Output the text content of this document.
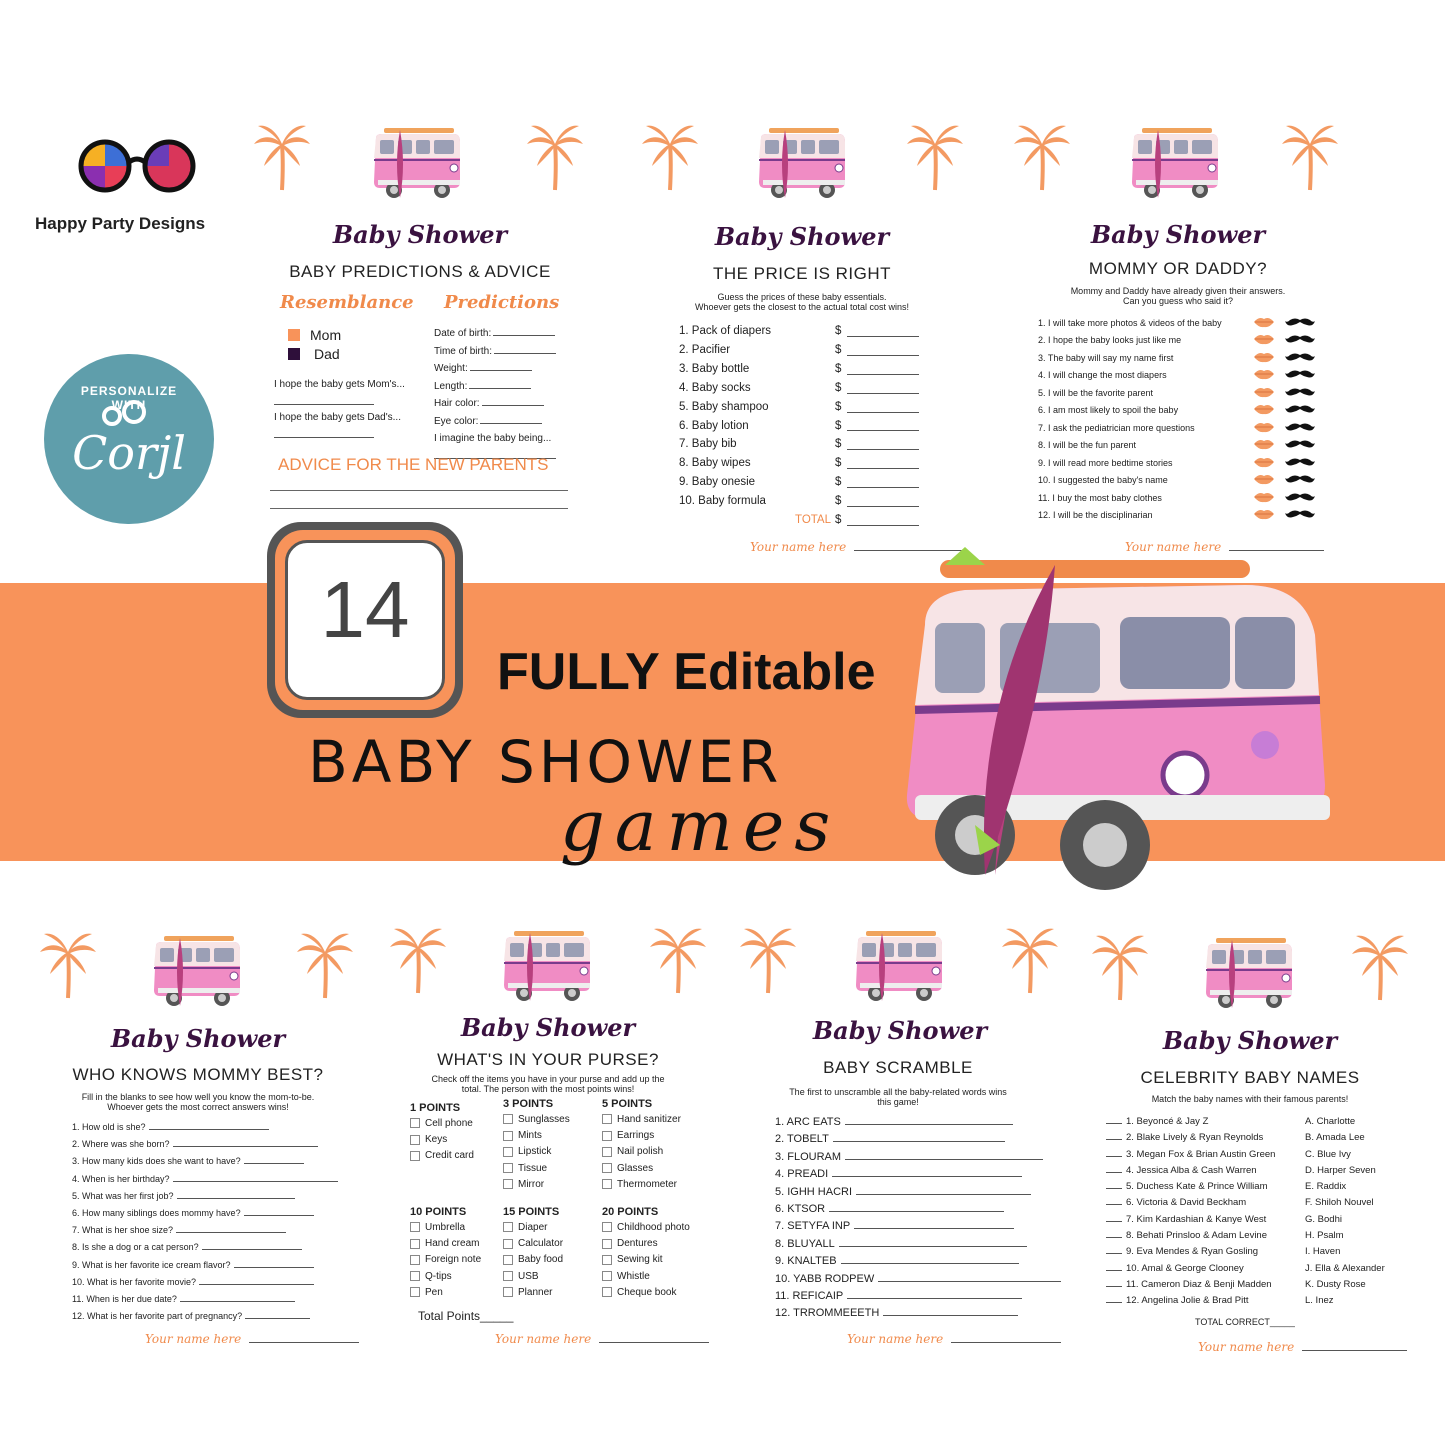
Happy Party Designs
PERSONALIZE WITH
Corjl
Baby Shower
BABY PREDICTIONS & ADVICE
Resemblance Predictions
Mom
Dad
I hope the baby gets Mom's...

I hope the baby gets Dad's...

Date of birth:
Time of birth:
Weight:
Length:
Hair color:
Eye color:
I imagine the baby being...

ADVICE FOR THE NEW PARENTS
Baby Shower
THE PRICE IS RIGHT
Guess the prices of these baby essentials.
Whoever gets the closest to the actual total cost wins!
1. Pack of diapers	$
2. Pacifier	$
3. Baby bottle	$
4. Baby socks	$
5. Baby shampoo	$
6. Baby lotion	$
7. Baby bib	$
8. Baby wipes	$
9. Baby onesie	$
10. Baby formula	$
TOTAL $
Your name here
Baby Shower
MOMMY OR DADDY?
Mommy and Daddy have already given their answers.
Can you guess who said it?
1. I will take more photos & videos of the baby
2. I hope the baby looks just like me
3. The baby will say my name first
4. I will change the most diapers
5. I will be the favorite parent
6. I am most likely to spoil the baby
7. I ask the pediatrician more questions
8. I will be the fun parent
9. I will read more bedtime stories
10. I suggested the baby's name
11. I buy the most baby clothes
12. I will be the disciplinarian
Your name here
14
FULLY Editable
BABY SHOWER
games
Baby Shower
WHO KNOWS MOMMY BEST?
Fill in the blanks to see how well you know the mom-to-be.
Whoever gets the most correct answers wins!
1. How old is she?
2. Where was she born?
3. How many kids does she want to have?
4. When is her birthday?
5. What was her first job?
6. How many siblings does mommy have?
7. What is her shoe size?
8. Is she a dog or a cat person?
9. What is her favorite ice cream flavor?
10. What is her favorite movie?
11. When is her due date?
12. What is her favorite part of pregnancy?
Your name here
Baby Shower
WHAT'S IN YOUR PURSE?
Check off the items you have in your purse and add up the
total. The person with the most points wins!
1 POINTS
Cell phone
Keys
Credit card
3 POINTS
Sunglasses
Mints
Lipstick
Tissue
Mirror
5 POINTS
Hand sanitizer
Earrings
Nail polish
Glasses
Thermometer
10 POINTS
Umbrella
Hand cream
Foreign note
Q-tips
Pen
15 POINTS
Diaper
Calculator
Baby food
USB
Planner
20 POINTS
Childhood photo
Dentures
Sewing kit
Whistle
Cheque book
Total Points_____
Your name here
Baby Shower
BABY SCRAMBLE
The first to unscramble all the baby-related words wins
this game!
1. ARC EATS
2. TOBELT
3. FLOURAM
4. PREADI
5. IGHH HACRI
6. KTSOR
7. SETYFA INP
8. BLUYALL
9. KNALTEB
10. YABB RODPEW
11. REFICAIP
12. TRROMMEEETH
Your name here
Baby Shower
CELEBRITY BABY NAMES
Match the baby names with their famous parents!
1. Beyoncé & Jay Z
2. Blake Lively & Ryan Reynolds
3. Megan Fox & Brian Austin Green
4. Jessica Alba & Cash Warren
5. Duchess Kate & Prince William
6. Victoria & David Beckham
7. Kim Kardashian & Kanye West
8. Behati Prinsloo & Adam Levine
9. Eva Mendes & Ryan Gosling
10. Amal & George Clooney
11. Cameron Diaz & Benji Madden
12. Angelina Jolie & Brad Pitt
A. Charlotte
B. Amada Lee
C. Blue Ivy
D. Harper Seven
E. Raddix
F. Shiloh Nouvel
G. Bodhi
H. Psalm
I. Haven
J. Ella & Alexander
K. Dusty Rose
L. Inez
TOTAL CORRECT_____
Your name here
